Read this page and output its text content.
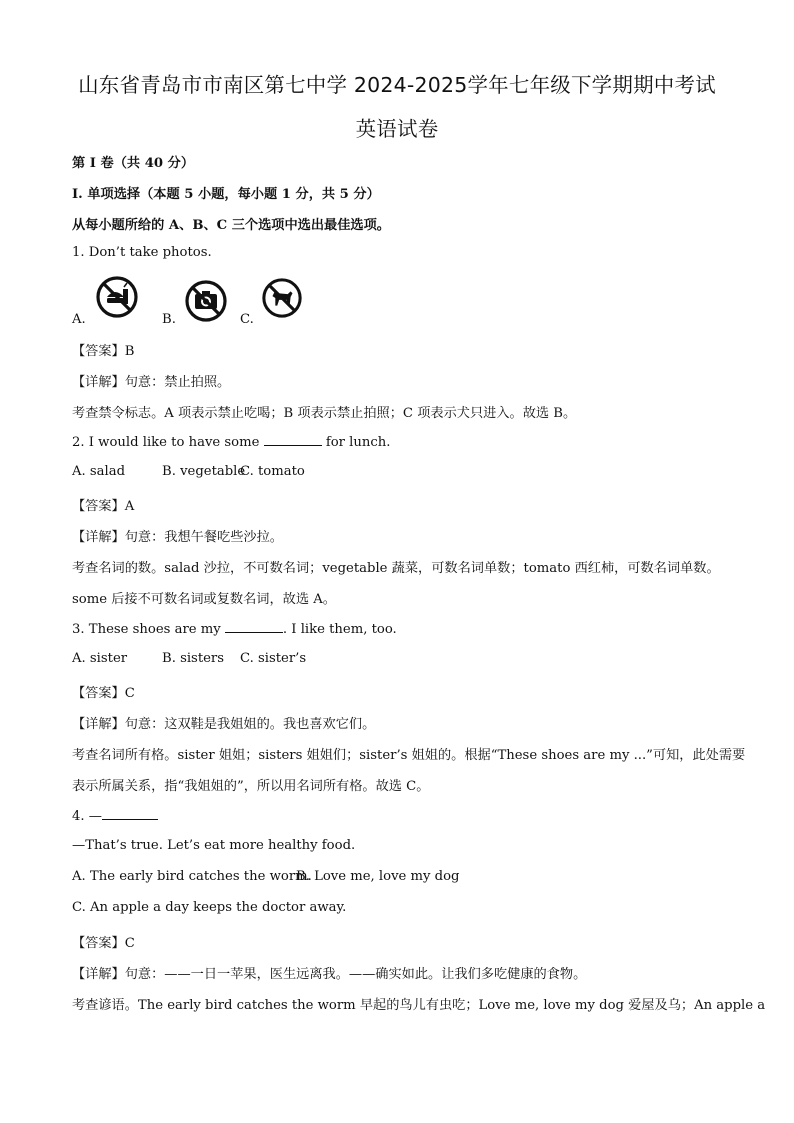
山东省青岛市市南区第七中学 2024-2025学年七年级下学期期中考试
英语试卷
第 I 卷（共 40 分）
I. 单项选择（本题 5 小题，每小题 1 分，共 5 分）
从每小题所给的 A、B、C 三个选项中选出最佳选项。
1. Don’t take photos.
A.	B.	C.
【答案】B
【详解】句意：禁止拍照。
考查禁令标志。A 项表示禁止吃喝；B 项表示禁止拍照；C 项表示犬只进入。故选 B。
2. I would like to have some	for lunch.
A. salad	B. vegetableC. tomato
【答案】A
【详解】句意：我想午餐吃些沙拉。
考查名词的数。salad 沙拉，不可数名词；vegetable 蔬菜，可数名词单数；tomato 西红柿，可数名词单数。
some 后接不可数名词或复数名词，故选 A。
3. These shoes are my	. I like them, too.
A. sister	B. sisters C. sister’s
【答案】C
【详解】句意：这双鞋是我姐姐的。我也喜欢它们。
考查名词所有格。sister 姐姐；sisters 姐姐们；sister’s 姐姐的。根据“These shoes are my ...”可知，此处需要
表示所属关系，指“我姐姐的”，所以用名词所有格。故选 C。
4. —
—That’s true. Let’s eat more healthy food.
A. The early bird catches the worm.B. Love me, love my dog
C. An apple a day keeps the doctor away.
【答案】C
【详解】句意：——一日一苹果，医生远离我。——确实如此。让我们多吃健康的食物。
考查谚语。The early bird catches the worm 早起的鸟儿有虫吃；Love me, love my dog 爱屋及乌；An apple a
